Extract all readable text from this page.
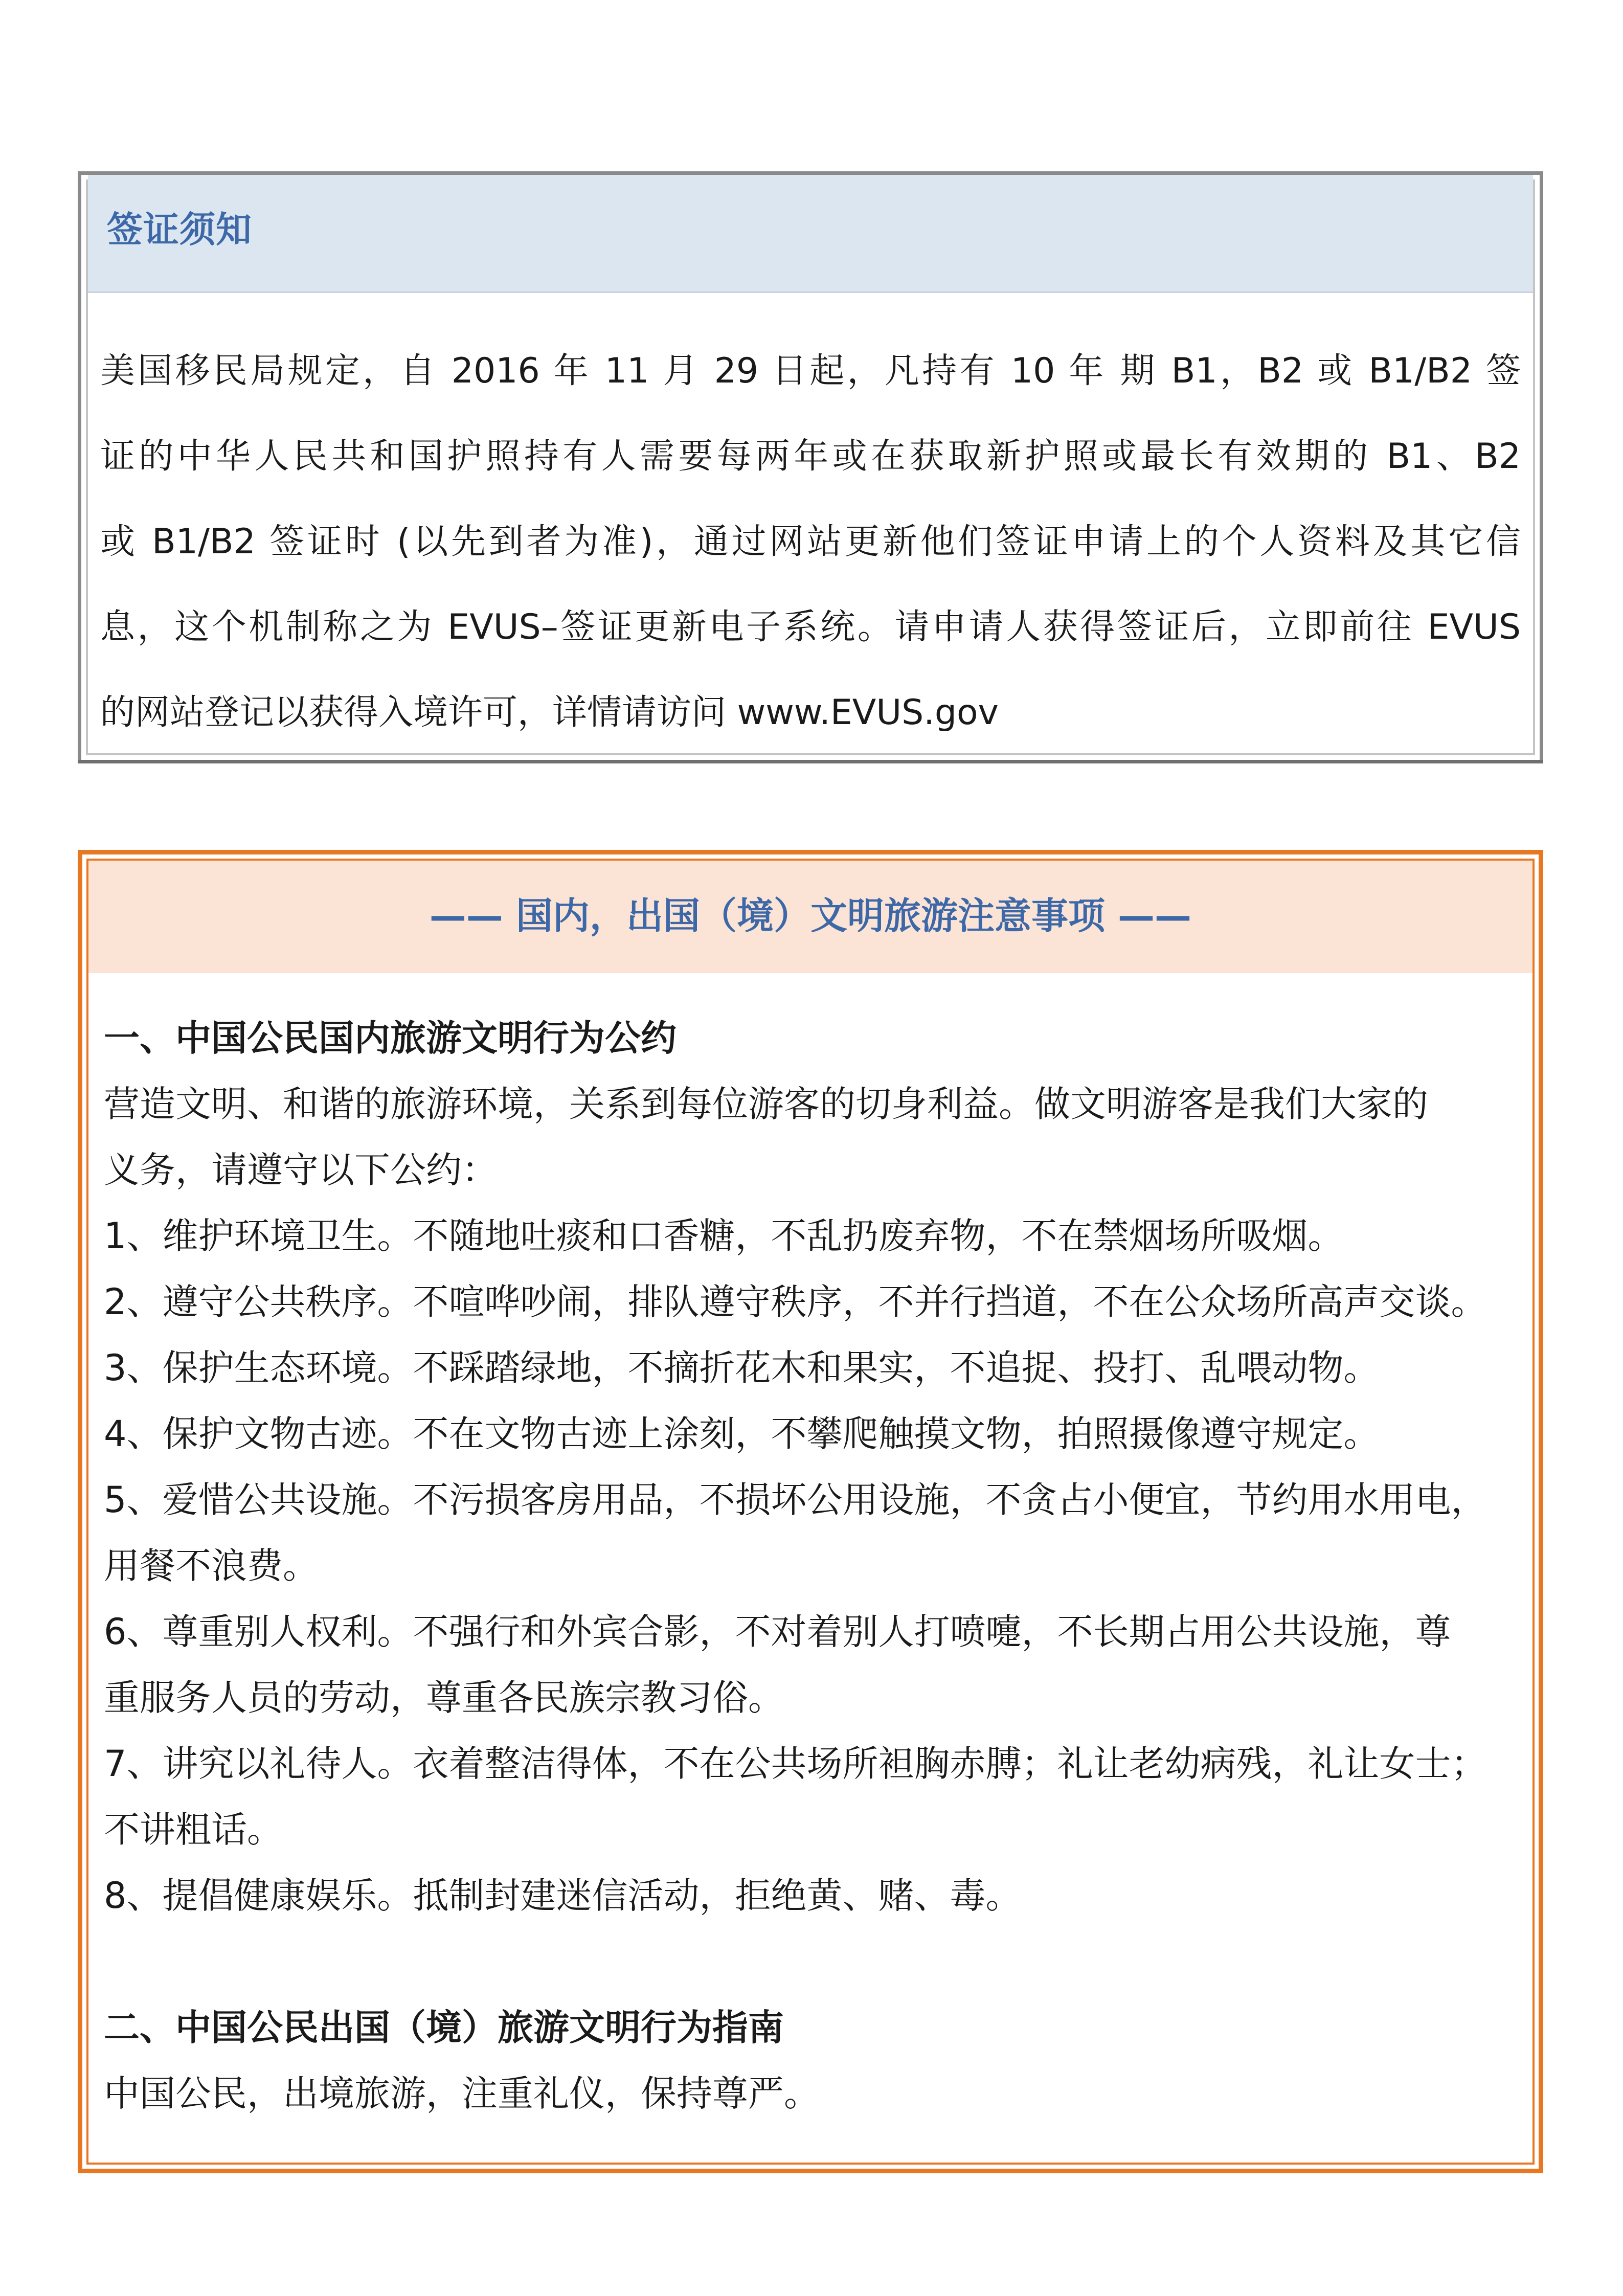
签证须知
美国移民局规定，自 2016 年 11 月 29 日起，凡持有 10 年 期 B1，B2 或 B1/B2 签
证的中华人民共和国护照持有人需要每两年或在获取新护照或最长有效期的 B1、B2
或 B1/B2 签证时 (以先到者为准)，通过网站更新他们签证申请上的个人资料及其它信
息，这个机制称之为 EVUS–签证更新电子系统。请申请人获得签证后，立即前往 EVUS
的网站登记以获得入境许可，详情请访问 www.EVUS.gov
—— 国内，出国（境）文明旅游注意事项 ——
一、中国公民国内旅游文明行为公约
营造文明、和谐的旅游环境，关系到每位游客的切身利益。做文明游客是我们大家的
义务，请遵守以下公约：
1、维护环境卫生。不随地吐痰和口香糖，不乱扔废弃物，不在禁烟场所吸烟。
2、遵守公共秩序。不喧哗吵闹，排队遵守秩序，不并行挡道，不在公众场所高声交谈。
3、保护生态环境。不踩踏绿地，不摘折花木和果实，不追捉、投打、乱喂动物。
4、保护文物古迹。不在文物古迹上涂刻，不攀爬触摸文物，拍照摄像遵守规定。
5、爱惜公共设施。不污损客房用品，不损坏公用设施，不贪占小便宜，节约用水用电，
用餐不浪费。
6、尊重别人权利。不强行和外宾合影，不对着别人打喷嚏，不长期占用公共设施，尊
重服务人员的劳动，尊重各民族宗教习俗。
7、讲究以礼待人。衣着整洁得体，不在公共场所袒胸赤膊；礼让老幼病残，礼让女士；
不讲粗话。
8、提倡健康娱乐。抵制封建迷信活动，拒绝黄、赌、毒。
二、中国公民出国（境）旅游文明行为指南
中国公民，出境旅游，注重礼仪，保持尊严。
